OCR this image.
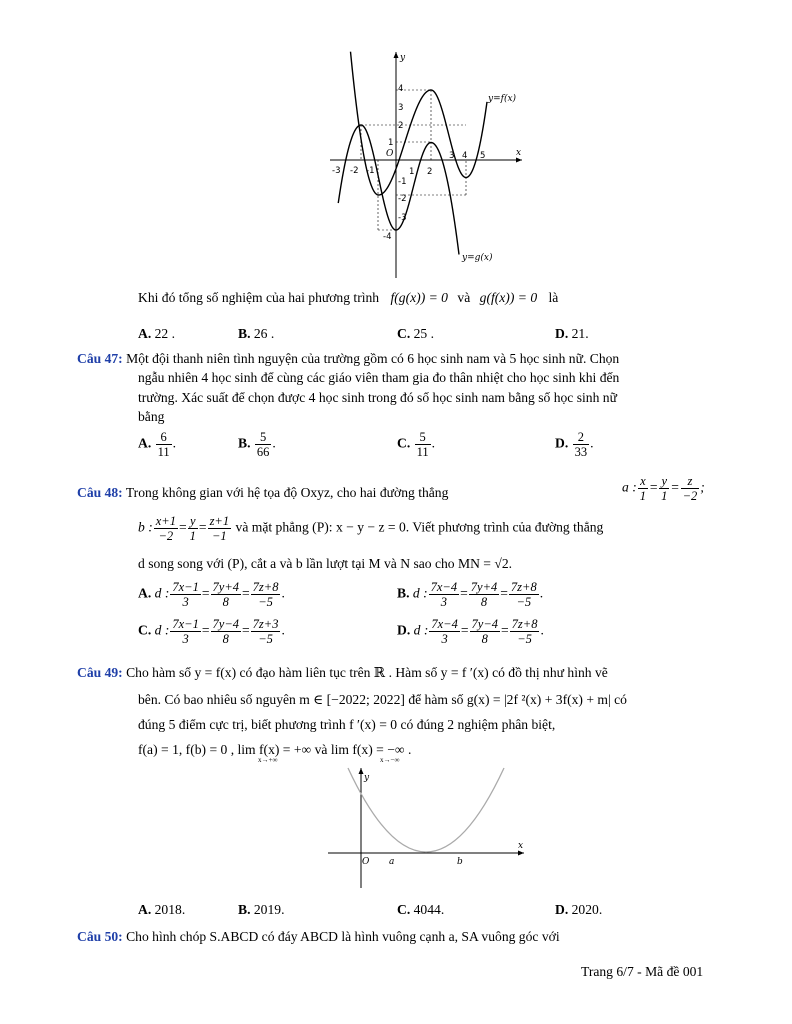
y
x
O
y=f(x)
y=g(x)
-3 -2 -1	1 2
3 4 5
4
3
2
1
-1
-2
-3
-4
Khi đó tổng số nghiệm của hai phương trình f(g(x)) = 0 và g(f(x)) = 0 là
A. 22 .	B. 26 .	C. 25 .	D. 21.
Câu 47: Một đội thanh niên tình nguyện của trường gồm có 6 học sinh nam và 5 học sinh nữ. Chọn
ngẫu nhiên 4 học sinh để cùng các giáo viên tham gia đo thân nhiệt cho học sinh khi đến
trường. Xác suất để chọn được 4 học sinh trong đó số học sinh nam bằng số học sinh nữ
bằng
A. $\frac{6}{11}$ .	B. $\frac{5}{66}$ .	C. $\frac{5}{11}$ .	D. $\frac{2}{33}$ .
Câu 48: Trong không gian với hệ tọa độ Oxyz, cho hai đường thẳng	a : $\frac{x}{1} = \frac{y}{1} = \frac{z}{-2}$ ;
b : $\frac{x+1}{-2} = \frac{y}{1} = \frac{z+1}{-1}$ và mặt phẳng (P): x − y − z = 0. Viết phương trình của đường thẳng
d song song với (P), cắt a và b lần lượt tại M và N sao cho MN = √2.
A. d : $\frac{7x-1}{3} = \frac{7y+4}{8} = \frac{7z+8}{-5}$ .	B. d : $\frac{7x-4}{3} = \frac{7y+4}{8} = \frac{7z+8}{-5}$ .
C. d : $\frac{7x-1}{3} = \frac{7y-4}{8} = \frac{7z+3}{-5}$ .	D. d : $\frac{7x-4}{3} = \frac{7y-4}{8} = \frac{7z+8}{-5}$ .
Câu 49: Cho hàm số y = f(x) có đạo hàm liên tục trên ℝ . Hàm số y = f ′(x) có đồ thị như hình vẽ
bên. Có bao nhiêu số nguyên m ∈ [−2022; 2022] để hàm số g(x) = |2f ²(x) + 3f(x) + m| có
đúng 5 điểm cực trị, biết phương trình f ′(x) = 0 có đúng 2 nghiệm phân biệt,
f(a) = 1, f(b) = 0 , lim f(x) = +∞ và lim f(x) = −∞ .
x→+∞	x→−∞
y
x
O a	b
A. 2018.	B. 2019.	C. 4044.	D. 2020.
Câu 50: Cho hình chóp S.ABCD có đáy ABCD là hình vuông cạnh a, SA vuông góc với
Trang 6/7 - Mã đề 001
